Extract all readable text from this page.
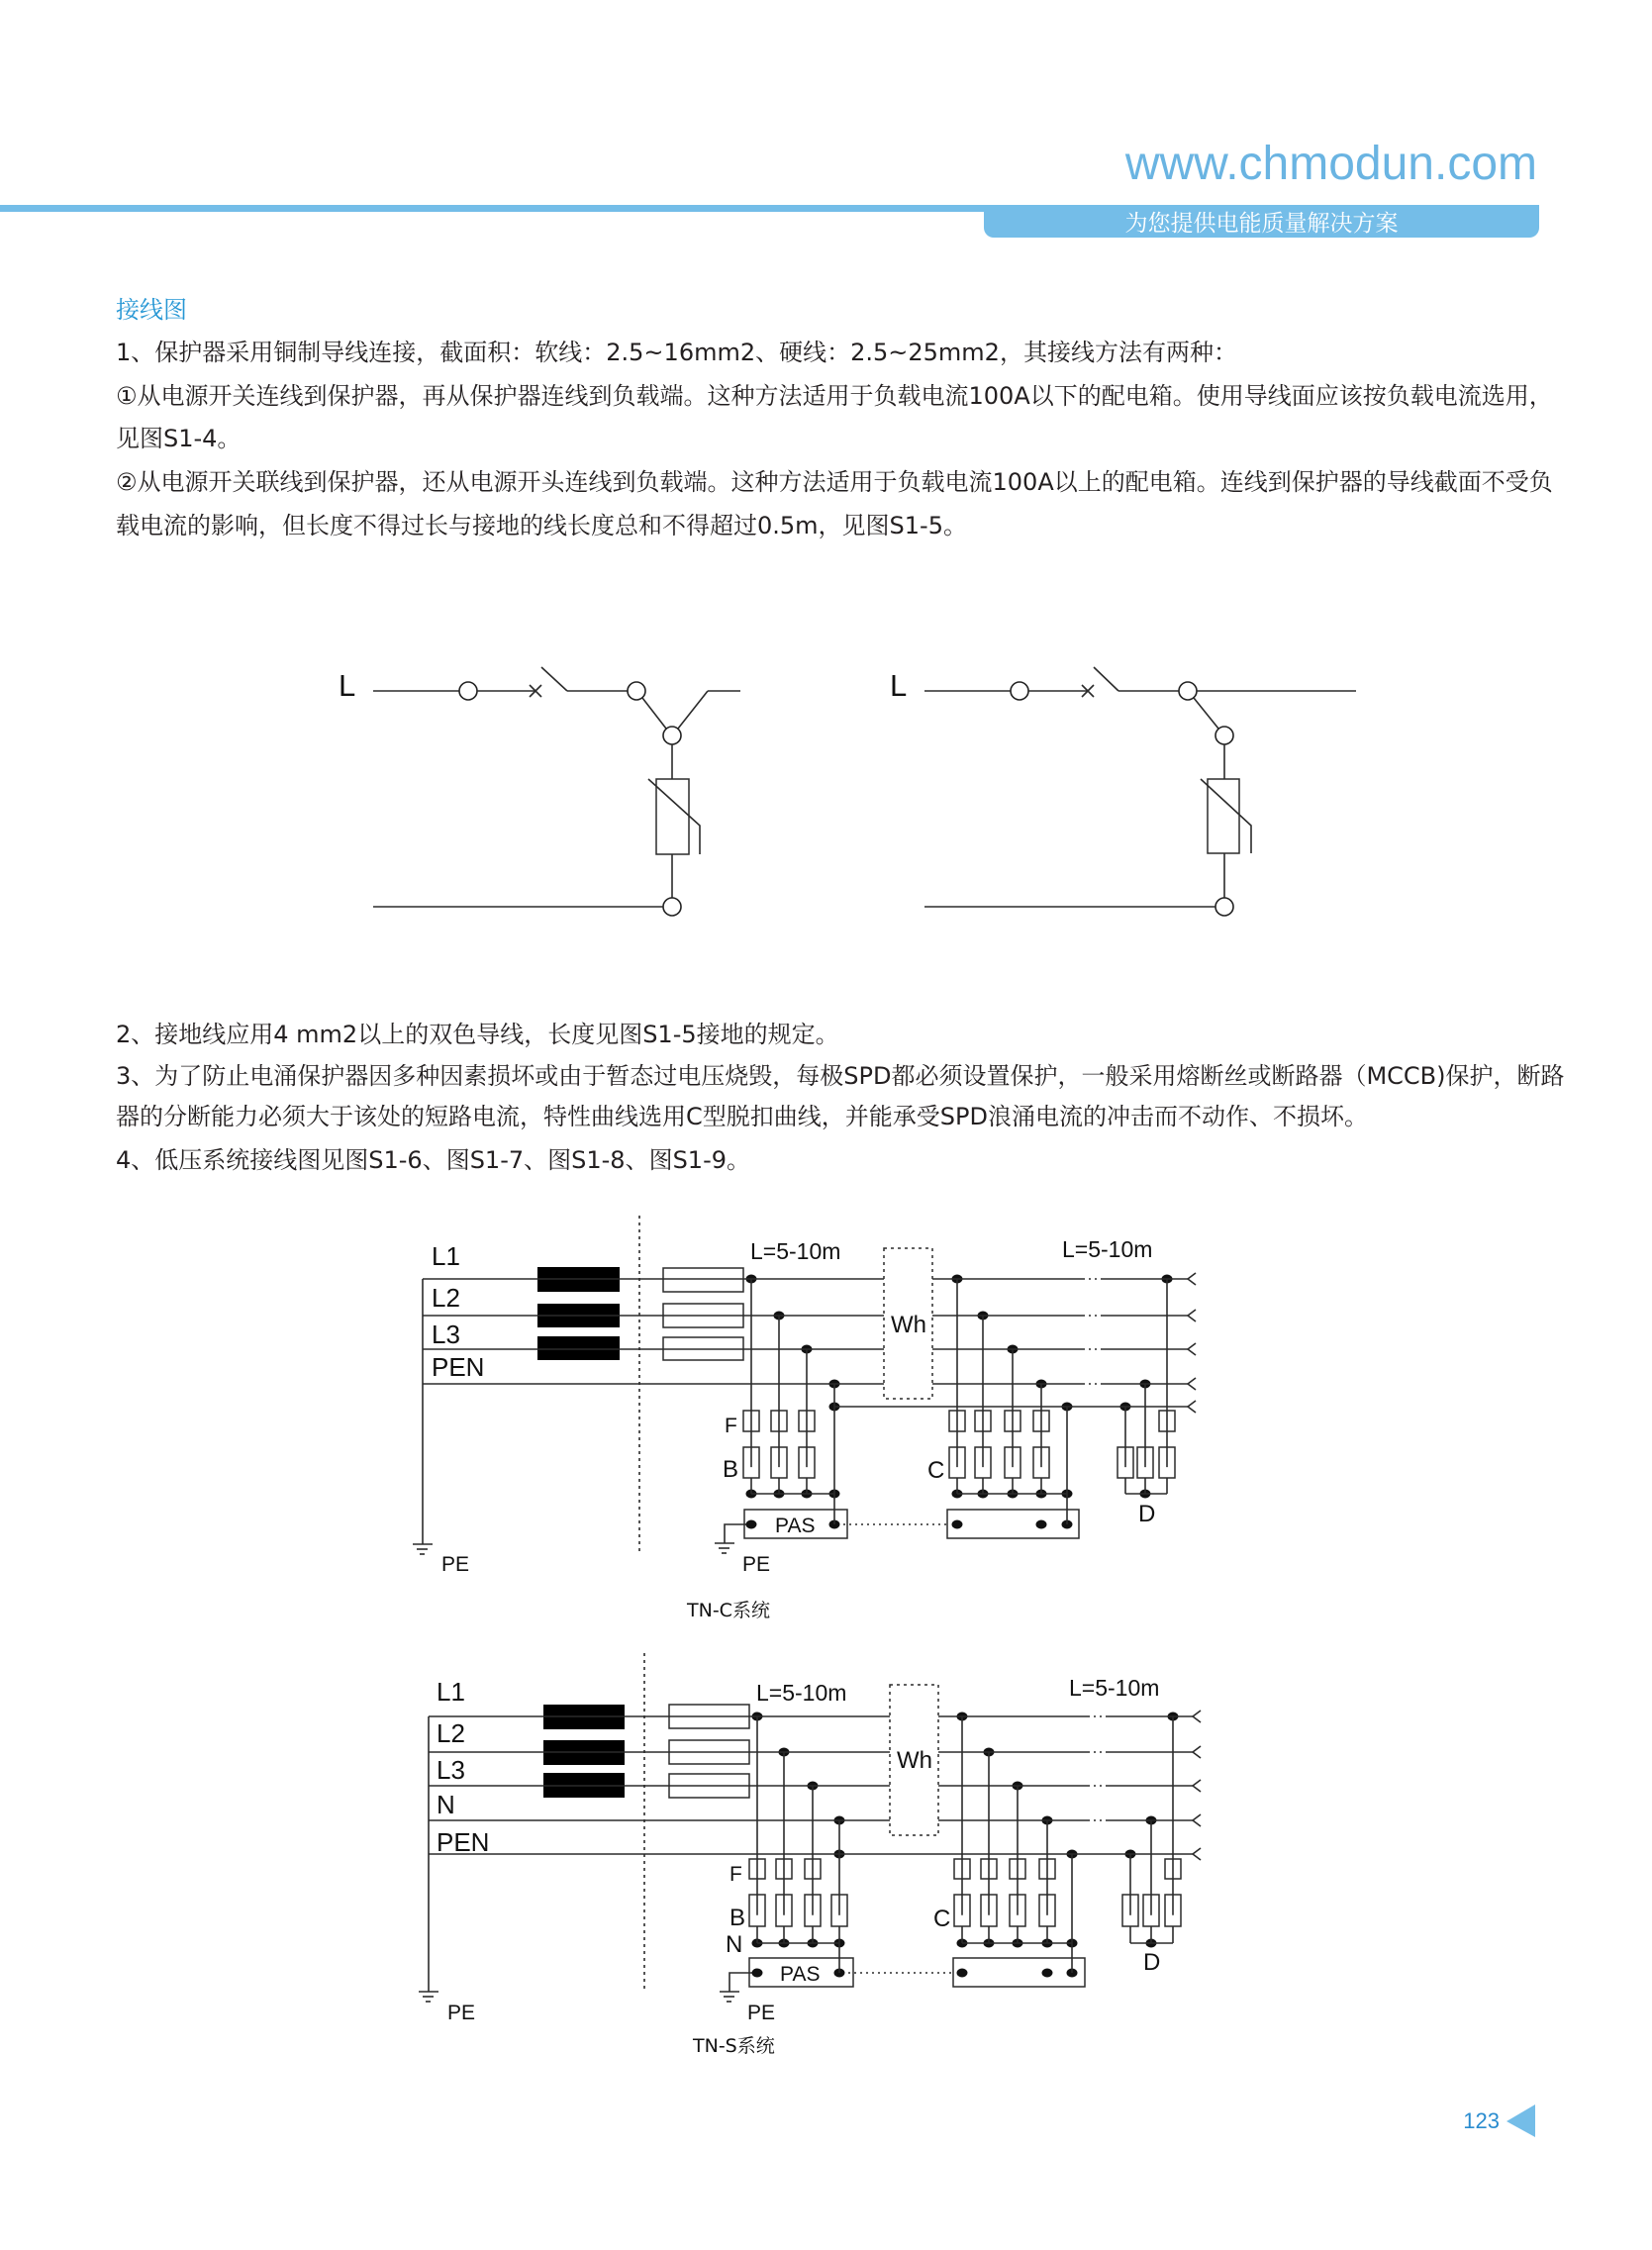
www.chmodun.com
为您提供电能质量解决方案
接线图
1、保护器采用铜制导线连接，截面积：软线：2.5~16mm2、硬线：2.5~25mm2，其接线方法有两种：
①从电源开关连线到保护器，再从保护器连线到负载端。这种方法适用于负载电流100A以下的配电箱。使用导线面应该按负载电流选用，
见图S1-4。
②从电源开关联线到保护器，还从电源开头连线到负载端。这种方法适用于负载电流100A以上的配电箱。连线到保护器的导线截面不受负
载电流的影响，但长度不得过长与接地的线长度总和不得超过0.5m，见图S1-5。
2、接地线应用4 mm2以上的双色导线，长度见图S1-5接地的规定。
3、为了防止电涌保护器因多种因素损坏或由于暂态过电压烧毁，每极SPD都必须设置保护，一般采用熔断丝或断路器（MCCB)保护，断路
器的分断能力必须大于该处的短路电流，特性曲线选用C型脱扣曲线，并能承受SPD浪涌电流的冲击而不动作、不损坏。
4、低压系统接线图见图S1-6、图S1-7、图S1-8、图S1-9。
123
L	L
L1
L2
L3
PEN
L=5-10m	L=5-10m
Wh
F
B	C
D
PAS
PE	PE
TN-C系统
L1
L2
L3
N
PEN
L=5-10m	L=5-10m
Wh
F
B
N
C
D
PAS
PE	PE
TN-S系统
